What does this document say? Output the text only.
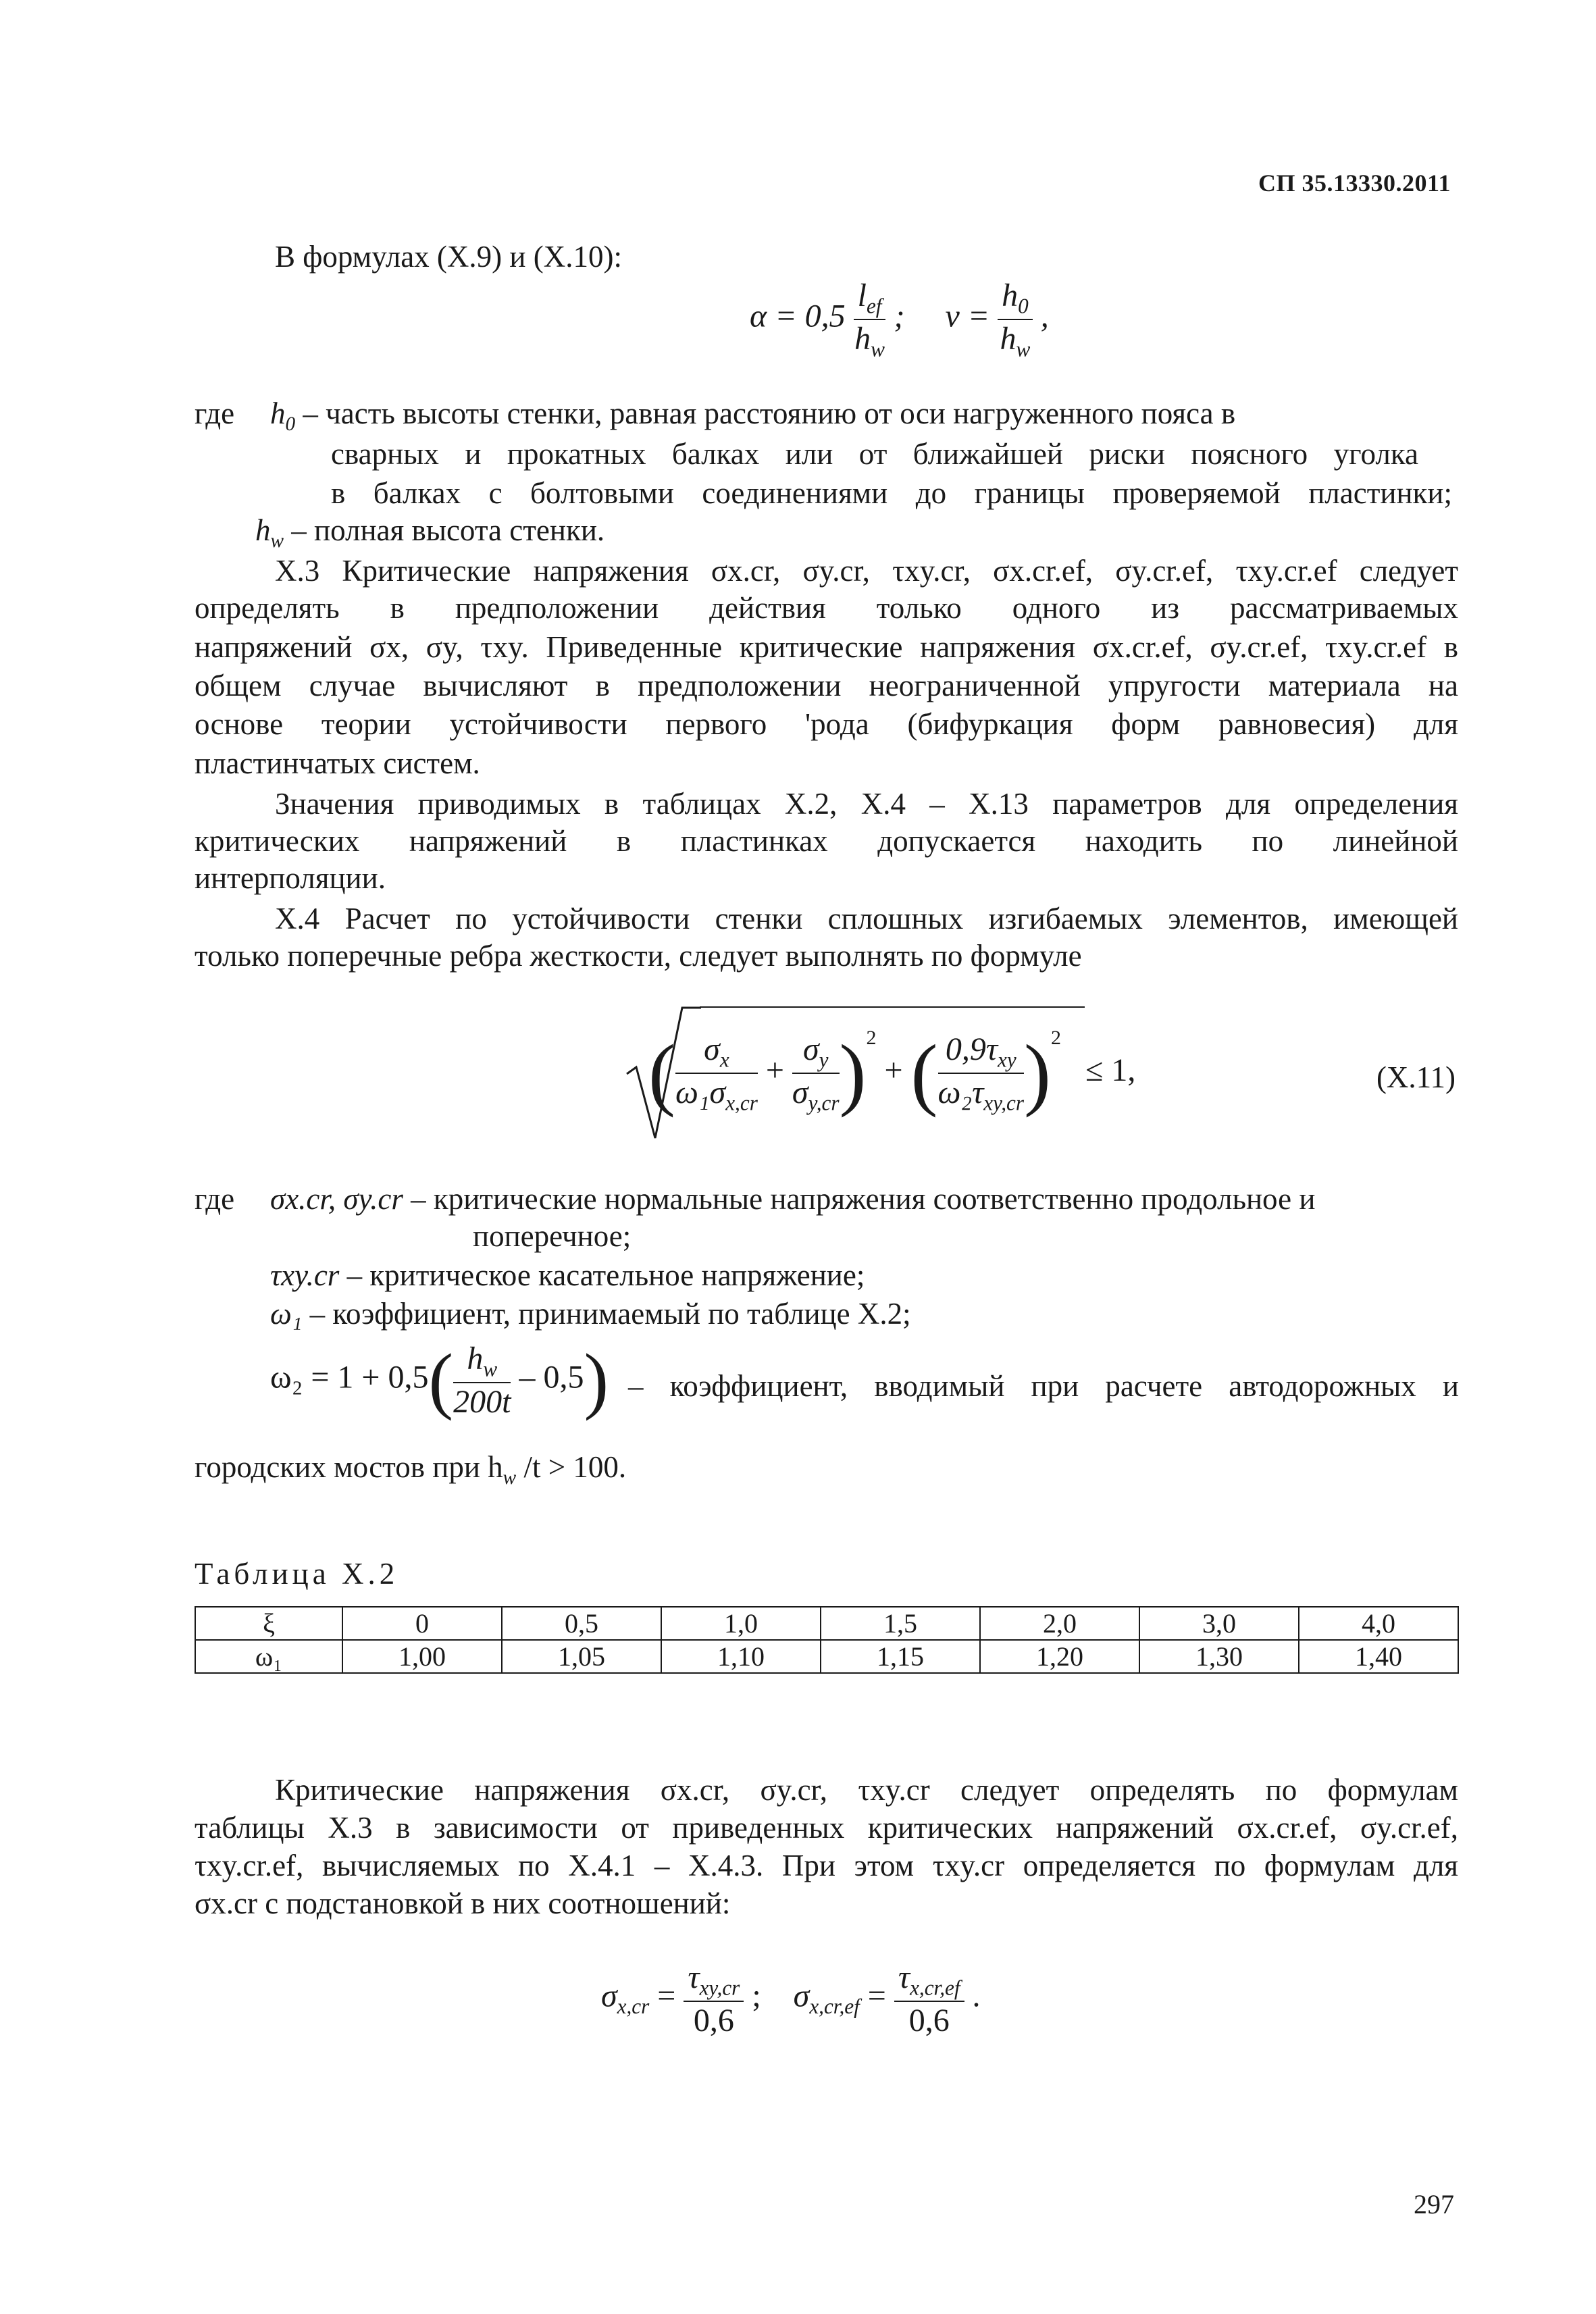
СП 35.13330.2011
В формулах (X.9) и (X.10):
$\alpha = 0,5 \frac{l_{ef}}{h_w}$ ; $\nu = \frac{h_0}{h_w}$ ,
где $h_0$ – часть высоты стенки, равная расстоянию от оси нагруженного пояса в
сварных и прокатных балках или от ближайшей риски поясного уголка
в балках с болтовыми соединениями до границы проверяемой пластинки;
$h_w$ – полная высота стенки.
X.3 Критические напряжения σx.cr, σy.cr, τxy.cr, σx.cr.ef, σy.cr.ef, τxy.cr.ef следует
определять в предположении действия только одного из рассматриваемых
напряжений σx, σy, τxy. Приведенные критические напряжения σx.cr.ef, σy.cr.ef, τxy.cr.ef в
общем случае вычисляют в предположении неограниченной упругости материала на
основе теории устойчивости первого 'рода (бифуркация форм равновесия) для
пластинчатых систем.
Значения приводимых в таблицах X.2, X.4 – X.13 параметров для определения
критических напряжений в пластинках допускается находить по линейной
интерполяции.
X.4 Расчет по устойчивости стенки сплошных изгибаемых элементов, имеющей
только поперечные ребра жесткости, следует выполнять по формуле
( $\frac{\sigma_x}{\omega_1\sigma_{x,cr}} + \frac{\sigma_y}{\sigma_{y,cr}} )^2$ + ( $\frac{0,9\tau_{xy}}{\omega_2\tau_{xy,cr}} )^2 \le 1$,	(X.11)
где σx.cr, σy.cr – критические нормальные напряжения соответственно продольное и
поперечное;
τxy.cr – критическое касательное напряжение;
ω₁ – коэффициент, принимаемый по таблице X.2;
$\omega_2 = 1 + 0,5( \frac{h_w}{200t} - 0,5)$ – коэффициент, вводимый при расчете автодорожных и
городских мостов при $h_w$ /t > 100.
Таблица X.2
ξ	0	0,5	1,0	1,5	2,0	3,0	4,0
ω₁	1,00	1,05	1,10	1,15	1,20	1,30	1,40
Критические напряжения σx.cr, σy.cr, τxy.cr следует определять по формулам
таблицы X.3 в зависимости от приведенных критических напряжений σx.cr.ef, σy.cr.ef,
τxy.cr.ef, вычисляемых по X.4.1 – X.4.3. При этом τxy.cr определяется по формулам для
σx.cr с подстановкой в них соотношений:
$\sigma_{x,cr} = \frac{\tau_{xy,cr}}{0,6}$ ; $\sigma_{x,cr,ef} = \frac{\tau_{x,cr,ef}}{0,6}$ .
297
